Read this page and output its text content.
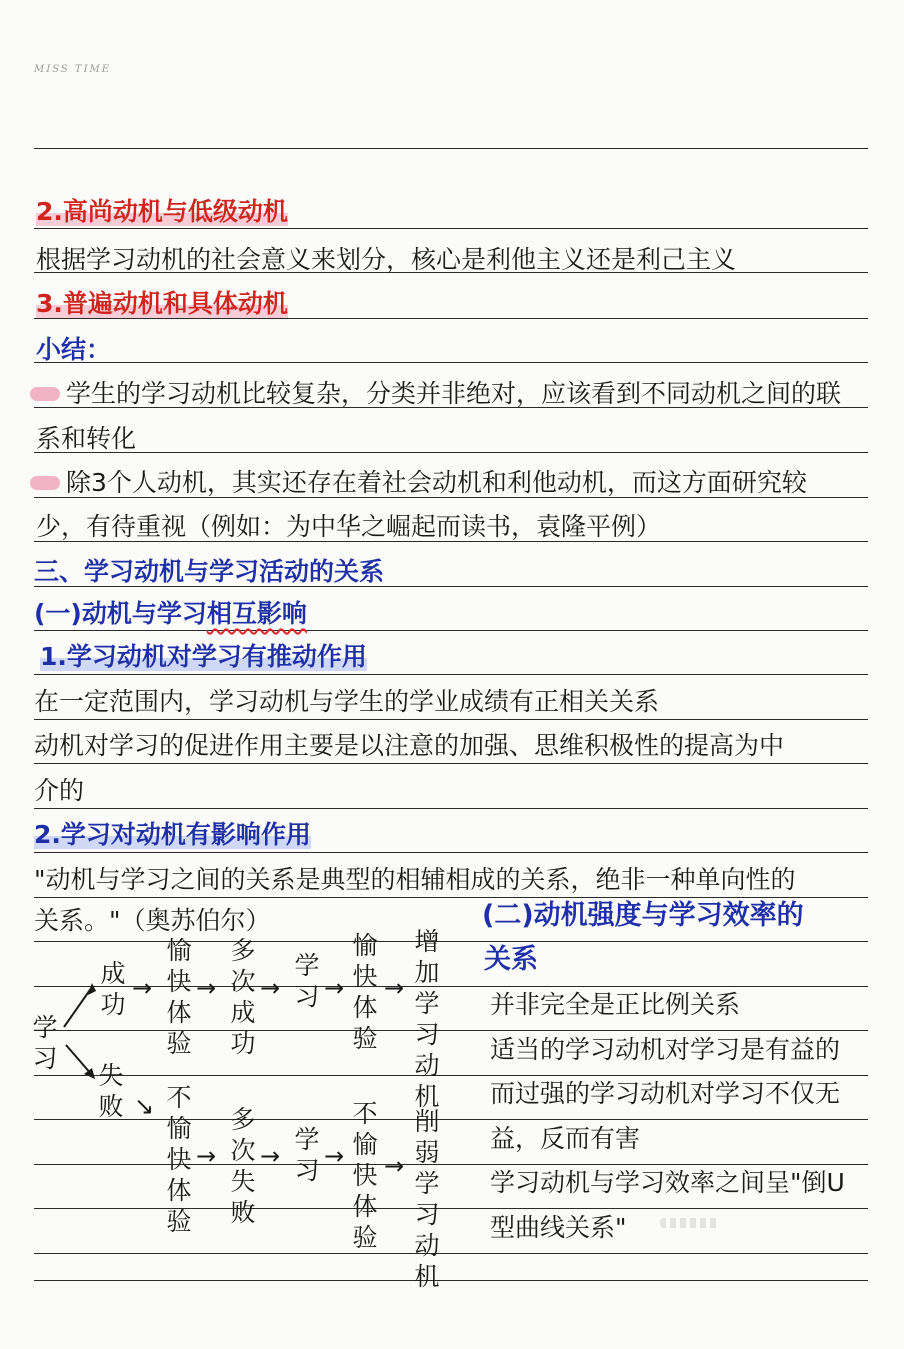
MISS TIME
2.高尚动机与低级动机
根据学习动机的社会意义来划分，核心是利他主义还是利己主义
3.普遍动机和具体动机
小结：
学生的学习动机比较复杂，分类并非绝对，应该看到不同动机之间的联
系和转化
除3个人动机，其实还存在着社会动机和利他动机，而这方面研究较
少，有待重视（例如：为中华之崛起而读书，袁隆平例）
三、学习动机与学习活动的关系
(一)动机与学习相互影响
1.学习动机对学习有推动作用
在一定范围内，学习动机与学生的学业成绩有正相关关系
动机对学习的促进作用主要是以注意的加强、思维积极性的提高为中
介的
2.学习对动机有影响作用
"动机与学习之间的关系是典型的相辅相成的关系，绝非一种单向性的
关系。"（奥苏伯尔）
学
习
成
功
失
败
→
愉
快
体
验
→
多
次
成
功
→
学
习 →
愉
快
体
验
→
增
加
学
习
动
机
↘ 不
愉
快
体
验
→
多
次
失
败
→
学
习 →
不
愉
快
体
验
→
削
弱
学
习
动
机
(二)动机强度与学习效率的
关系
并非完全是正比例关系
适当的学习动机对学习是有益的
而过强的学习动机对学习不仅无
益，反而有害
学习动机与学习效率之间呈"倒U
型曲线关系"
